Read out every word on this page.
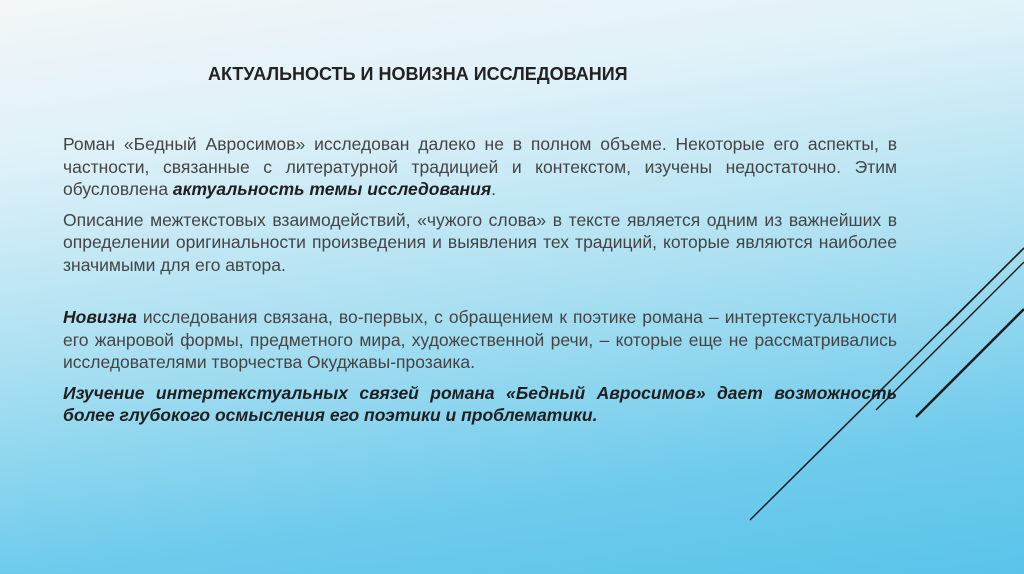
АКТУАЛЬНОСТЬ И НОВИЗНА ИССЛЕДОВАНИЯ

Роман «Бедный Авросимов» исследован далеко не в полном объеме. Некоторые его аспекты, в частности, связанные с литературной традицией и контекстом, изучены недостаточно. Этим обусловлена актуальность темы исследования.

Описание межтекстовых взаимодействий, «чужого слова» в тексте является одним из важнейших в определении оригинальности произведения и выявления тех традиций, которые являются наиболее значимыми для его автора.

Новизна исследования связана, во-первых, с обращением к поэтике романа – интертекстуальности его жанровой формы, предметного мира, художественной речи, – которые еще не рассматривались исследователями творчества Окуджавы-прозаика.

Изучение интертекстуальных связей романа «Бедный Авросимов» дает возможность более глубокого осмысления его поэтики и проблематики.
